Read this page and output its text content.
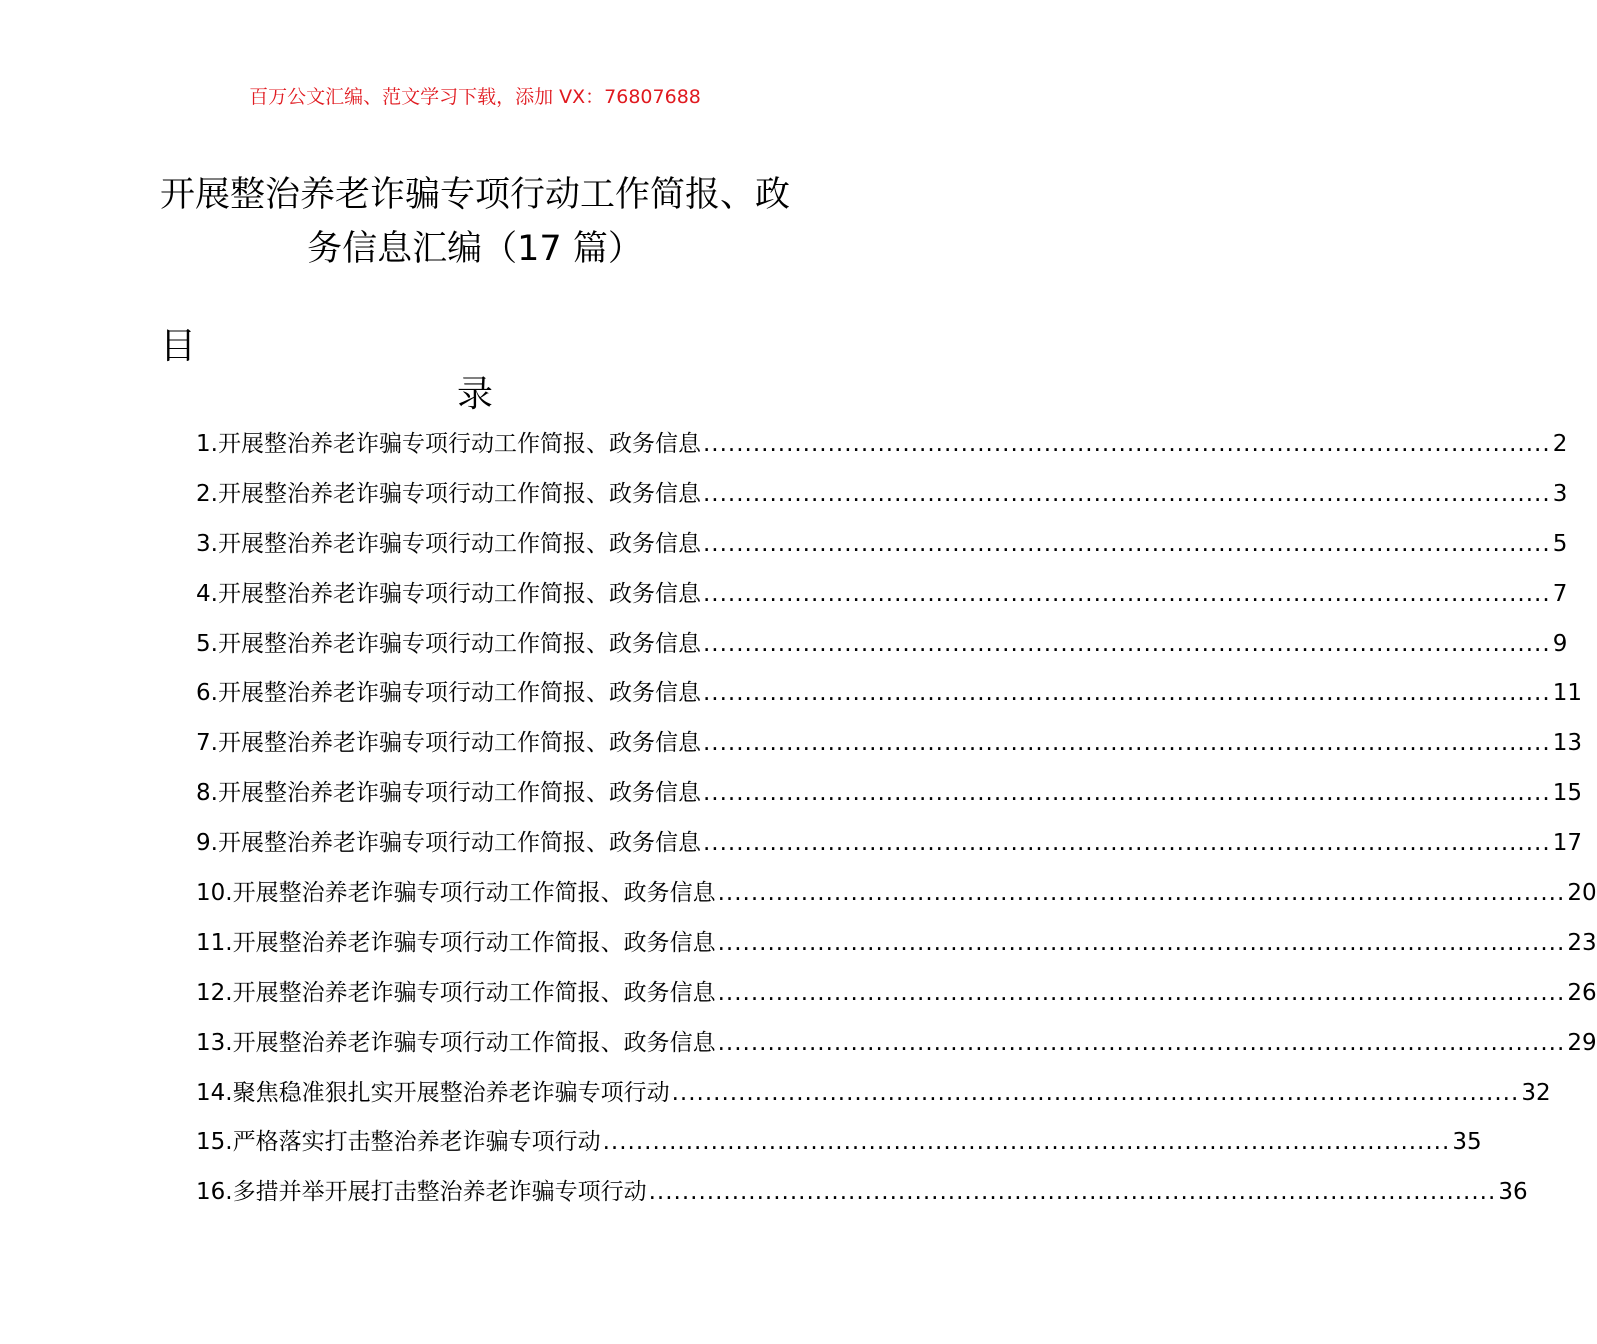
百万公文汇编、范文学习下载，添加 VX：76807688
开展整治养老诈骗专项行动工作简报、政
务信息汇编（17 篇）
目
录
1. 开展整治养老诈骗专项行动工作简报、政务信息 .....	2
2. 开展整治养老诈骗专项行动工作简报、政务信息 .....	3
3. 开展整治养老诈骗专项行动工作简报、政务信息 .....	5
4. 开展整治养老诈骗专项行动工作简报、政务信息 .....	7
5. 开展整治养老诈骗专项行动工作简报、政务信息 .....	9
6. 开展整治养老诈骗专项行动工作简报、政务信息 .....	11
7. 开展整治养老诈骗专项行动工作简报、政务信息 .....	13
8. 开展整治养老诈骗专项行动工作简报、政务信息 .....	15
9. 开展整治养老诈骗专项行动工作简报、政务信息 .....	17
10. 开展整治养老诈骗专项行动工作简报、政务信息 .....	20
11. 开展整治养老诈骗专项行动工作简报、政务信息 .....	23
12. 开展整治养老诈骗专项行动工作简报、政务信息 .....	26
13. 开展整治养老诈骗专项行动工作简报、政务信息 .....	29
14. 聚焦稳准狠扎实开展整治养老诈骗专项行动 .....	32
15. 严格落实打击整治养老诈骗专项行动 .....	35
16. 多措并举开展打击整治养老诈骗专项行动 .....	36
